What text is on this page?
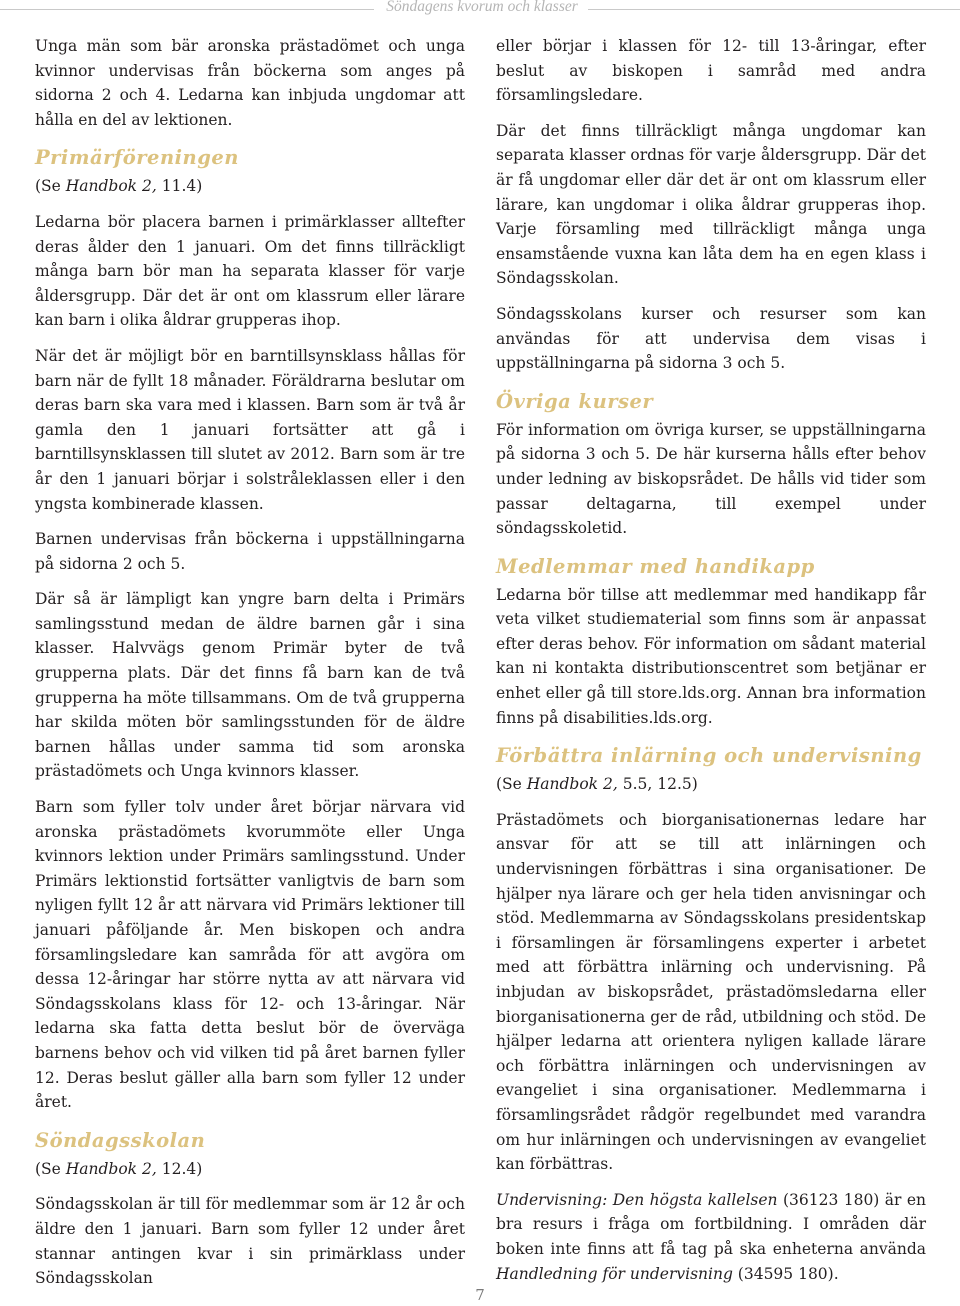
Söndagens kvorum och klasser

Unga män som bär aronska prästadömet och unga kvinnor undervisas från böckerna som anges på sidorna 2 och 4. Ledarna kan inbjuda ungdomar att hålla en del av lektionen.

Primärföreningen

(Se Handbok 2, 11.4)

Ledarna bör placera barnen i primärklasser alltefter deras ålder den 1 januari. Om det finns tillräckligt många barn bör man ha separata klasser för varje åldersgrupp. Där det är ont om klassrum eller lärare kan barn i olika åldrar grupperas ihop.

När det är möjligt bör en barntillsynsklass hållas för barn när de fyllt 18 månader. Föräldrarna beslutar om deras barn ska vara med i klassen. Barn som är två år gamla den 1 januari fortsätter att gå i barntillsynsklassen till slutet av 2012. Barn som är tre år den 1 januari börjar i solstråleklassen eller i den yngsta kombinerade klassen.

Barnen undervisas från böckerna i uppställningarna på sidorna 2 och 5.

Där så är lämpligt kan yngre barn delta i Primärs samlingsstund medan de äldre barnen går i sina klasser. Halvvägs genom Primär byter de två grupperna plats. Där det finns få barn kan de två grupperna ha möte tillsammans. Om de två grupperna har skilda möten bör samlingsstunden för de äldre barnen hållas under samma tid som aronska prästadömets och Unga kvinnors klasser.

Barn som fyller tolv under året börjar närvara vid aronska prästadömets kvorummöte eller Unga kvinnors lektion under Primärs samlingsstund. Under Primärs lektionstid fortsätter vanligtvis de barn som nyligen fyllt 12 år att närvara vid Primärs lektioner till januari påföljande år. Men biskopen och andra församlingsledare kan samråda för att avgöra om dessa 12-åringar har större nytta av att närvara vid Söndagsskolans klass för 12- och 13-åringar. När ledarna ska fatta detta beslut bör de överväga barnens behov och vid vilken tid på året barnen fyller 12. Deras beslut gäller alla barn som fyller 12 under året.

Söndagsskolan

(Se Handbok 2, 12.4)

Söndagsskolan är till för medlemmar som är 12 år och äldre den 1 januari. Barn som fyller 12 under året stannar antingen kvar i sin primärklass under Söndagsskolan

eller börjar i klassen för 12- till 13-åringar, efter beslut av biskopen i samråd med andra församlingsledare.

Där det finns tillräckligt många ungdomar kan separata klasser ordnas för varje åldersgrupp. Där det är få ungdomar eller där det är ont om klassrum eller lärare, kan ungdomar i olika åldrar grupperas ihop. Varje församling med tillräckligt många unga ensamstående vuxna kan låta dem ha en egen klass i Söndagsskolan.

Söndagsskolans kurser och resurser som kan användas för att undervisa dem visas i uppställningarna på sidorna 3 och 5.

Övriga kurser

För information om övriga kurser, se uppställningarna på sidorna 3 och 5. De här kurserna hålls efter behov under ledning av biskopsrådet. De hålls vid tider som passar deltagarna, till exempel under söndagsskoletid.

Medlemmar med handikapp

Ledarna bör tillse att medlemmar med handikapp får veta vilket studiematerial som finns som är anpassat efter deras behov. För information om sådant material kan ni kontakta distributionscentret som betjänar er enhet eller gå till store.lds.org. Annan bra information finns på disabilities.lds.org.

Förbättra inlärning och undervisning

(Se Handbok 2, 5.5, 12.5)

Prästadömets och biorganisationernas ledare har ansvar för att se till att inlärningen och undervisningen förbättras i sina organisationer. De hjälper nya lärare och ger hela tiden anvisningar och stöd. Medlemmarna av Söndagsskolans presidentskap i församlingen är församlingens experter i arbetet med att förbättra inlärning och undervisning. På inbjudan av biskopsrådet, prästadömsledarna eller biorganisationerna ger de råd, utbildning och stöd. De hjälper ledarna att orientera nyligen kallade lärare och förbättra inlärningen och undervisningen av evangeliet i sina organisationer. Medlemmarna i församlingsrådet rådgör regelbundet med varandra om hur inlärningen och undervisningen av evangeliet kan förbättras.

Undervisning: Den högsta kallelsen (36123 180) är en bra resurs i fråga om fortbildning. I områden där boken inte finns att få tag på ska enheterna använda Handledning för undervisning (34595 180).

7
